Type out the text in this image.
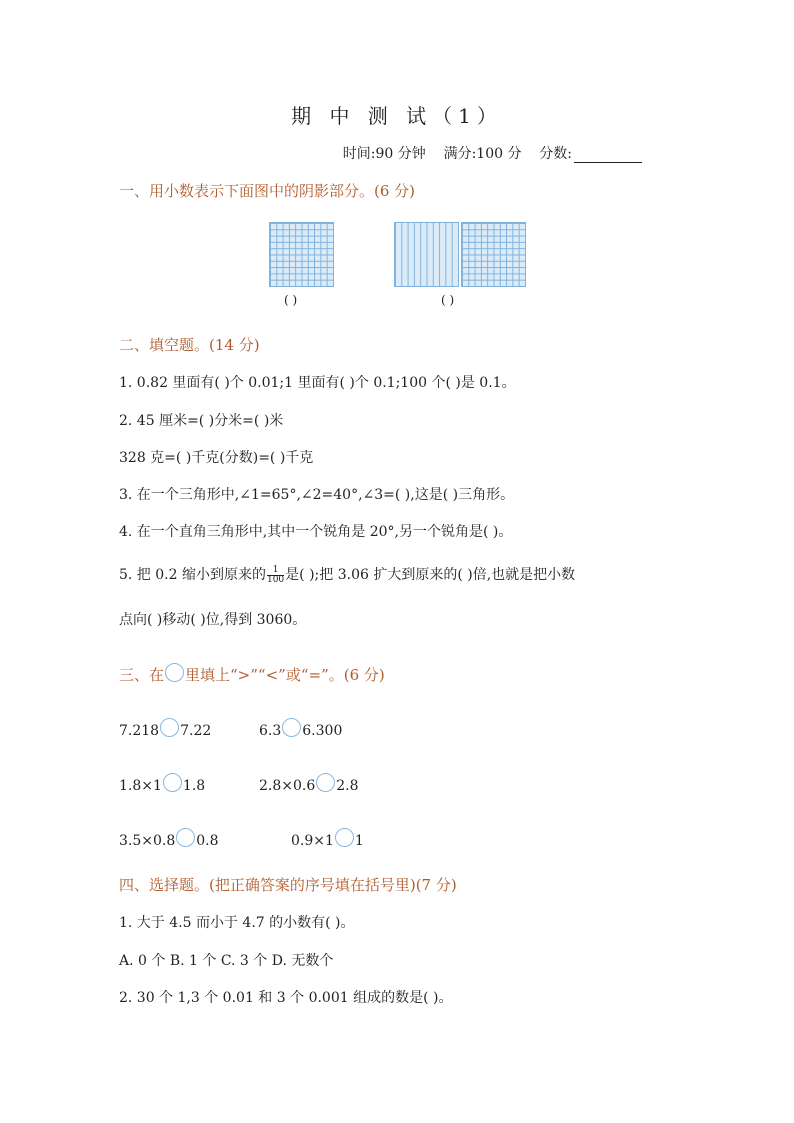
期 中 测 试（1）
时间:90 分钟 满分:100 分 分数:
一、用小数表示下面图中的阴影部分。(6 分)
( )	( )
二、填空题。(14 分)
1. 0.82 里面有( )个 0.01;1 里面有( )个 0.1;100 个( )是 0.1。
2. 45 厘米=( )分米=( )米
328 克=( )千克(分数)=( )千克
3. 在一个三角形中,∠1=65°,∠2=40°,∠3=( ),这是( )三角形。
4. 在一个直角三角形中,其中一个锐角是 20°,另一个锐角是( )。
5. 把 0.2 缩小到原来的 $\frac{1}{100}$ 是( );把 3.06 扩大到原来的( )倍,也就是把小数
点向( )移动( )位,得到 3060。
三、在 里填上“>”“<”或“=”。(6 分)
7.218 7.22	6.3 6.300
1.8×1 1.8	2.8×0.6 2.8
3.5×0.8 0.8	0.9×1 1
四、选择题。(把正确答案的序号填在括号里)(7 分)
1. 大于 4.5 而小于 4.7 的小数有( )。
A. 0 个 B. 1 个 C. 3 个 D. 无数个
2. 30 个 1,3 个 0.01 和 3 个 0.001 组成的数是( )。
